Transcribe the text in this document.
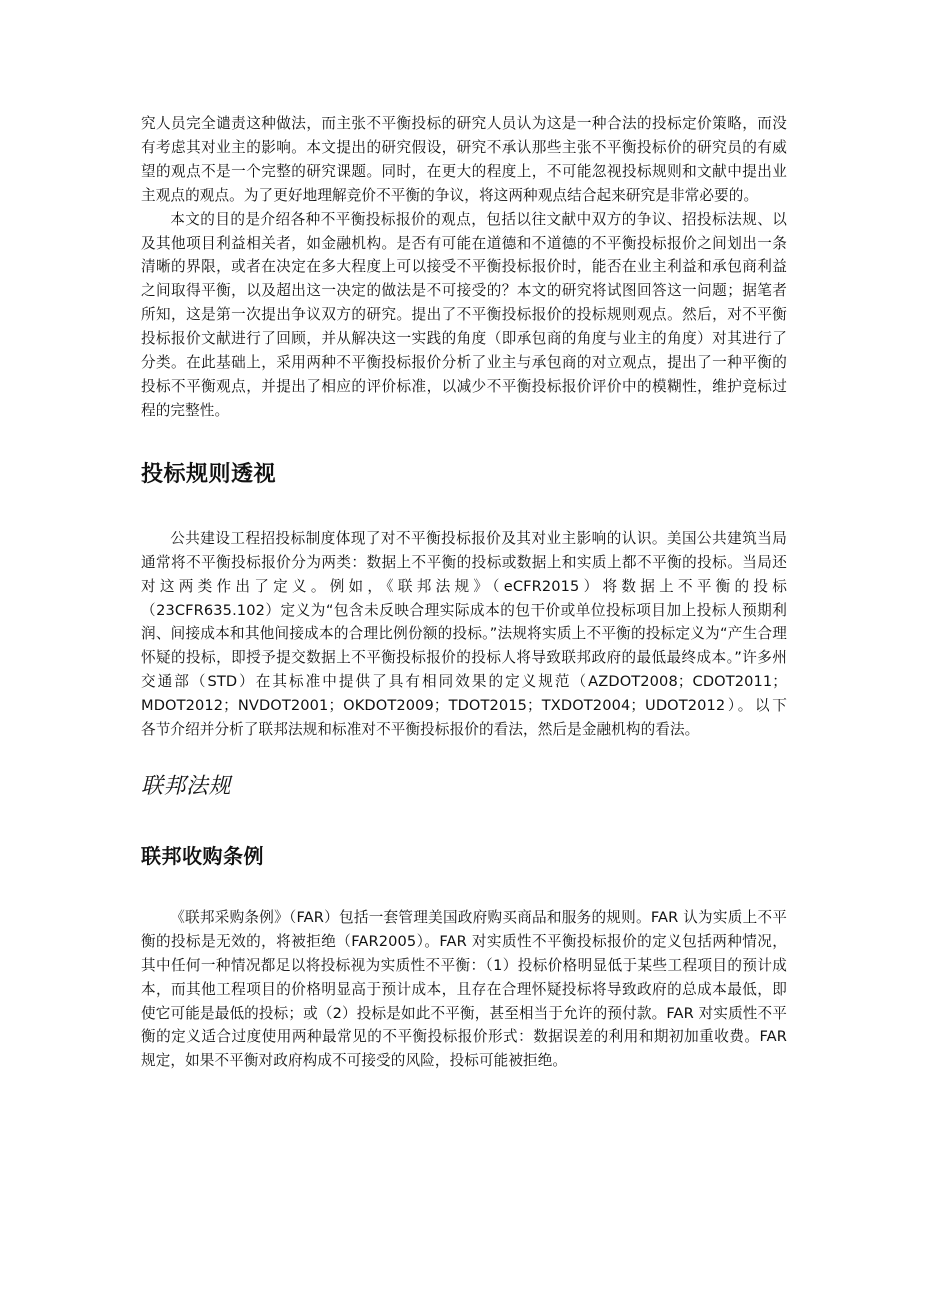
究人员完全谴责这种做法，而主张不平衡投标的研究人员认为这是一种合法的投标定价策略，而没有考虑其对业主的影响。本文提出的研究假设，研究不承认那些主张不平衡投标价的研究员的有威望的观点不是一个完整的研究课题。同时，在更大的程度上，不可能忽视投标规则和文献中提出业主观点的观点。为了更好地理解竞价不平衡的争议，将这两种观点结合起来研究是非常必要的。

本文的目的是介绍各种不平衡投标报价的观点，包括以往文献中双方的争议、招投标法规、以及其他项目利益相关者，如金融机构。是否有可能在道德和不道德的不平衡投标报价之间划出一条清晰的界限，或者在决定在多大程度上可以接受不平衡投标报价时，能否在业主利益和承包商利益之间取得平衡，以及超出这一决定的做法是不可接受的？本文的研究将试图回答这一问题；据笔者所知，这是第一次提出争议双方的研究。提出了不平衡投标报价的投标规则观点。然后，对不平衡投标报价文献进行了回顾，并从解决这一实践的角度（即承包商的角度与业主的角度）对其进行了分类。在此基础上，采用两种不平衡投标报价分析了业主与承包商的对立观点，提出了一种平衡的投标不平衡观点，并提出了相应的评价标准，以减少不平衡投标报价评价中的模糊性，维护竞标过程的完整性。

投标规则透视

公共建设工程招投标制度体现了对不平衡投标报价及其对业主影响的认识。美国公共建筑当局通常将不平衡投标报价分为两类：数据上不平衡的投标或数据上和实质上都不平衡的投标。当局还对这两类作出了定义。例如，《联邦法规》（eCFR2015）将数据上不平衡的投标（23CFR635.102）定义为“包含未反映合理实际成本的包干价或单位投标项目加上投标人预期利润、间接成本和其他间接成本的合理比例份额的投标。”法规将实质上不平衡的投标定义为“产生合理怀疑的投标，即授予提交数据上不平衡投标报价的投标人将导致联邦政府的最低最终成本。”许多州交通部（STD）在其标准中提供了具有相同效果的定义规范（AZDOT2008；CDOT2011；MDOT2012；NVDOT2001；OKDOT2009；TDOT2015；TXDOT2004；UDOT2012）。以下各节介绍并分析了联邦法规和标准对不平衡投标报价的看法，然后是金融机构的看法。

联邦法规
联邦收购条例

《联邦采购条例》（FAR）包括一套管理美国政府购买商品和服务的规则。FAR 认为实质上不平衡的投标是无效的，将被拒绝（FAR2005）。FAR 对实质性不平衡投标报价的定义包括两种情况，其中任何一种情况都足以将投标视为实质性不平衡：（1）投标价格明显低于某些工程项目的预计成本，而其他工程项目的价格明显高于预计成本，且存在合理怀疑投标将导致政府的总成本最低，即使它可能是最低的投标；或（2）投标是如此不平衡，甚至相当于允许的预付款。FAR 对实质性不平衡的定义适合过度使用两种最常见的不平衡投标报价形式：数据误差的利用和期初加重收费。FAR 规定，如果不平衡对政府构成不可接受的风险，投标可能被拒绝。
